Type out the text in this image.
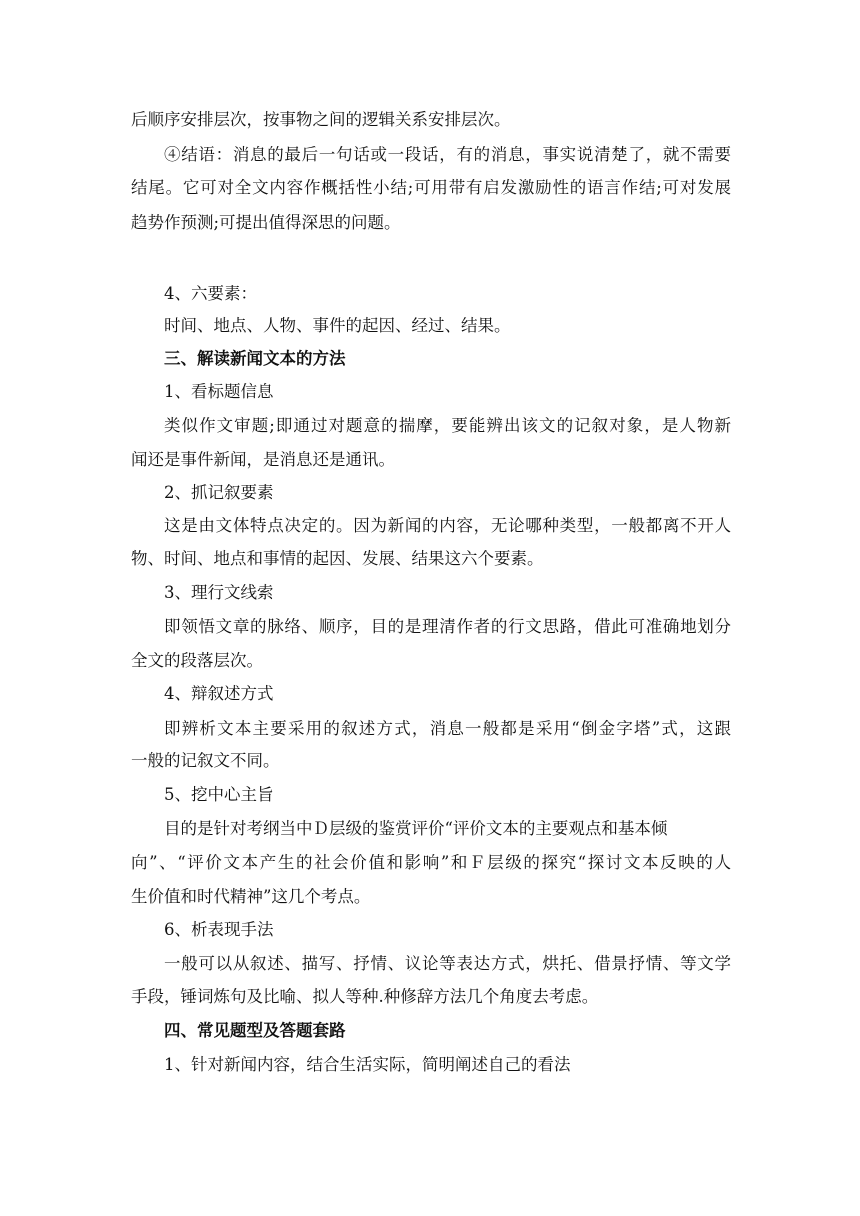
后顺序安排层次，按事物之间的逻辑关系安排层次。
④结语：消息的最后一句话或一段话，有的消息，事实说清楚了，就不需要
结尾。它可对全文内容作概括性小结;可用带有启发激励性的语言作结;可对发展
趋势作预测;可提出值得深思的问题。
4、六要素：
时间、地点、人物、事件的起因、经过、结果。
三、解读新闻文本的方法
1、看标题信息
类似作文审题;即通过对题意的揣摩，要能辨出该文的记叙对象，是人物新
闻还是事件新闻，是消息还是通讯。
2、抓记叙要素
这是由文体特点决定的。因为新闻的内容，无论哪种类型，一般都离不开人
物、时间、地点和事情的起因、发展、结果这六个要素。
3、理行文线索
即领悟文章的脉络、顺序，目的是理清作者的行文思路，借此可准确地划分
全文的段落层次。
4、辩叙述方式
即辨析文本主要采用的叙述方式，消息一般都是采用“倒金字塔”式，这跟
一般的记叙文不同。
5、挖中心主旨
目的是针对考纲当中Ｄ层级的鉴赏评价“评价文本的主要观点和基本倾
向”、“评价文本产生的社会价值和影响”和Ｆ层级的探究“探讨文本反映的人
生价值和时代精神”这几个考点。
6、析表现手法
一般可以从叙述、描写、抒情、议论等表达方式，烘托、借景抒情、等文学
手段，锤词炼句及比喻、拟人等种.种修辞方法几个角度去考虑。
四、常见题型及答题套路
1、针对新闻内容，结合生活实际，简明阐述自己的看法
